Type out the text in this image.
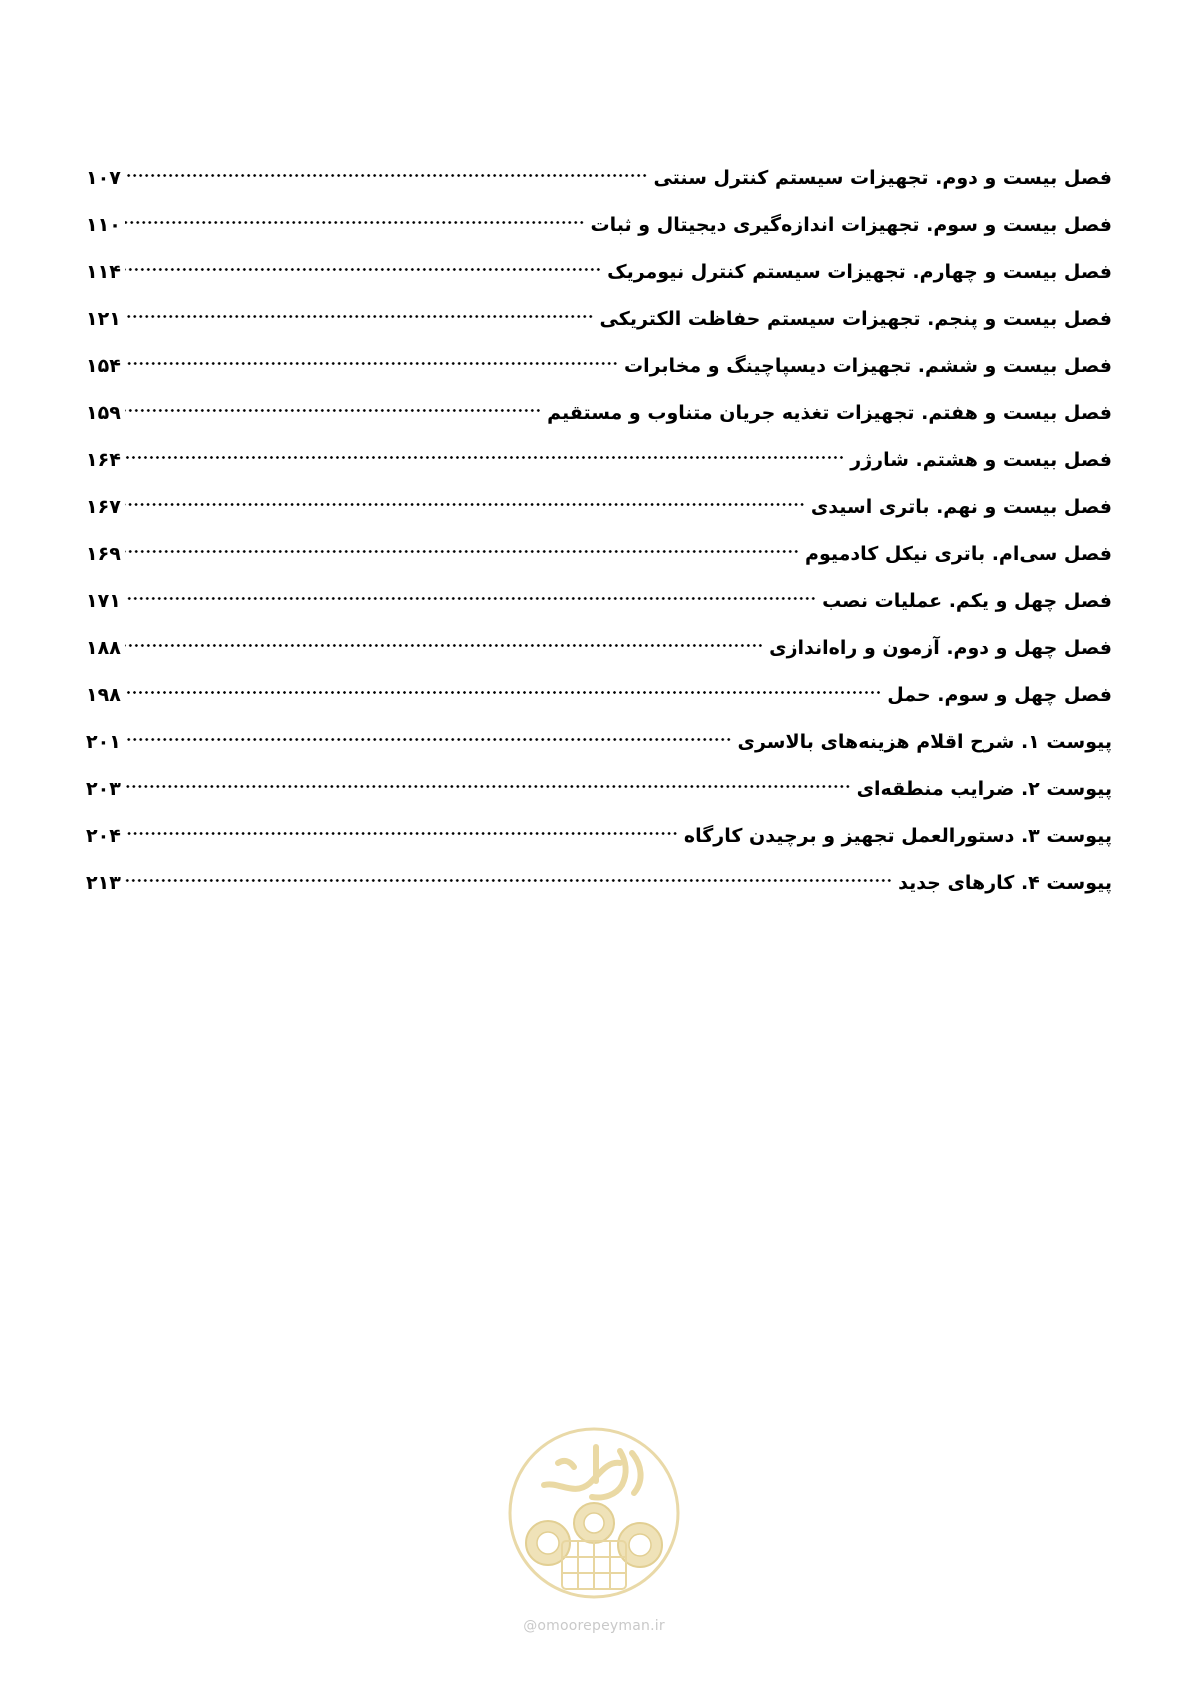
فصل بیست و دوم. تجهیزات سیستم کنترل سنتی
۱۰۷
فصل بیست و سوم. تجهیزات اندازه‌گیری دیجیتال و ثبات
۱۱۰
فصل بیست و چهارم. تجهیزات سیستم کنترل نیومریک
۱۱۴
فصل بیست و پنجم. تجهیزات سیستم حفاظت الکتریکی
۱۲۱
فصل بیست و ششم. تجهیزات دیسپاچینگ و مخابرات
۱۵۴
فصل بیست و هفتم. تجهیزات تغذیه جریان متناوب و مستقیم
۱۵۹
فصل بیست و هشتم. شارژر
۱۶۴
فصل بیست و نهم. باتری اسیدی
۱۶۷
فصل سی‌ام. باتری نیکل کادمیوم
۱۶۹
فصل چهل و یکم. عملیات نصب
۱۷۱
فصل چهل و دوم. آزمون و راه‌اندازی
۱۸۸
فصل چهل و سوم. حمل
۱۹۸
پیوست ۱. شرح اقلام هزینه‌های بالاسری
۲۰۱
پیوست ۲. ضرایب منطقه‌ای
۲۰۳
پیوست ۳. دستورالعمل تجهیز و برچیدن کارگاه
۲۰۴
پیوست ۴. کارهای جدید
۲۱۳
@omoorepeyman.ir
